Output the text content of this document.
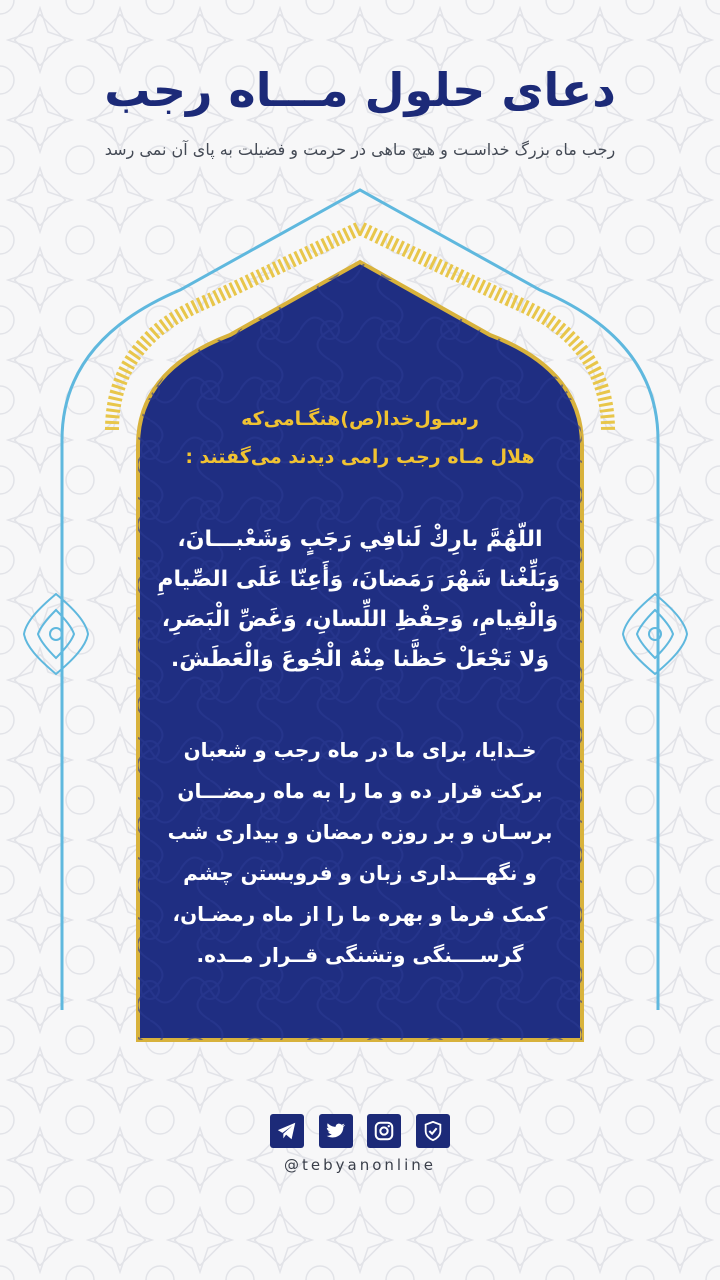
دعای حلول مـــاه رجب
رجب ماه بزرگ خداسـت و هیچ ماهی در حرمت و فضیلت به پای آن نمی رسد
رسـول‌خدا(ص)هنگـامی‌که
هلال مـاه رجب رامی دیدند می‌گفتند :
اللّهُمَّ بارِكْ لَنافِي رَجَبٍ وَشَعْبـــانَ،
وَبَلِّغْنا شَهْرَ رَمَضانَ، وَأَعِنّا عَلَى الصِّيامِ
وَالْقِيامِ، وَحِفْظِ اللِّسانِ، وَغَضِّ الْبَصَرِ،
وَلا تَجْعَلْ حَظَّنا مِنْهُ الْجُوعَ وَالْعَطَشَ.
خـدایا، برای ما در ماه رجب و شعبان
برکت قرار ده و ما را به ماه رمضـــان
برسـان و بر روزه رمضان و بیداری شب
و نگهــــداری زبان و فروبستن چشم
کمک فرما و بهره ما را از ماه رمضـان،
گرســــنگی وتشنگی قــرار مــده.
@tebyanonline
